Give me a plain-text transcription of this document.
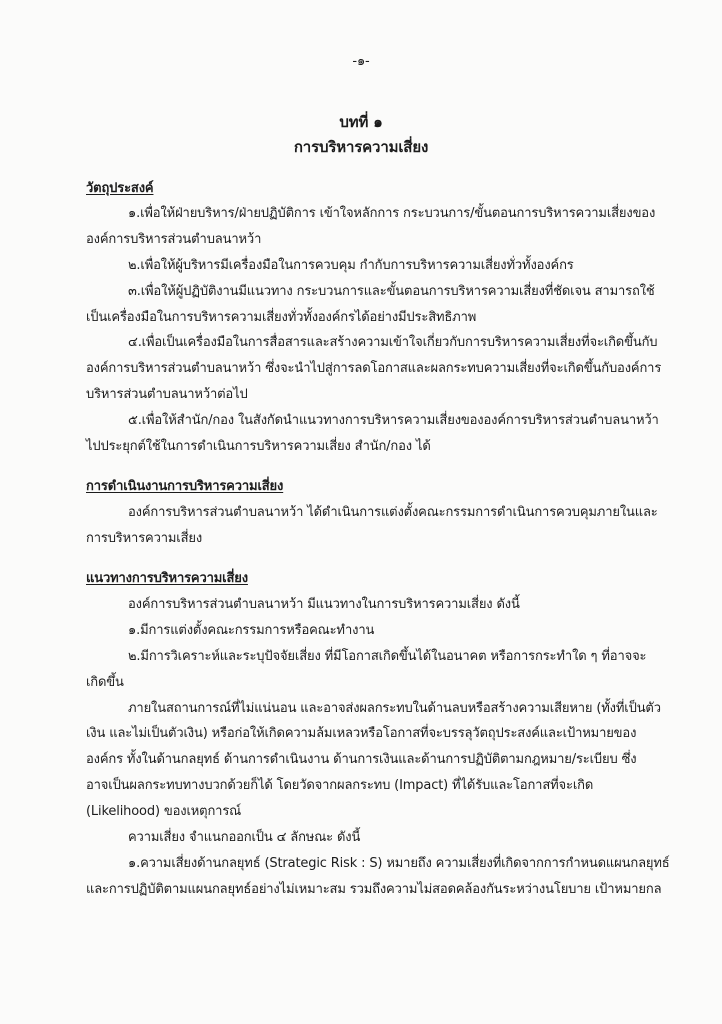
-๑-
บทที่ ๑
การบริหารความเสี่ยง
วัตถุประสงค์
๑.เพื่อให้ฝ่ายบริหาร/ฝ่ายปฏิบัติการ เข้าใจหลักการ กระบวนการ/ขั้นตอนการบริหารความเสี่ยงของ
องค์การบริหารส่วนตำบลนาหว้า
๒.เพื่อให้ผู้บริหารมีเครื่องมือในการควบคุม กำกับการบริหารความเสี่ยงทั่วทั้งองค์กร
๓.เพื่อให้ผู้ปฏิบัติงานมีแนวทาง กระบวนการและขั้นตอนการบริหารความเสี่ยงที่ชัดเจน สามารถใช้
เป็นเครื่องมือในการบริหารความเสี่ยงทั่วทั้งองค์กรได้อย่างมีประสิทธิภาพ
๔.เพื่อเป็นเครื่องมือในการสื่อสารและสร้างความเข้าใจเกี่ยวกับการบริหารความเสี่ยงที่จะเกิดขึ้นกับ
องค์การบริหารส่วนตำบลนาหว้า ซึ่งจะนำไปสู่การลดโอกาสและผลกระทบความเสี่ยงที่จะเกิดขึ้นกับองค์การ
บริหารส่วนตำบลนาหว้าต่อไป
๕.เพื่อให้สำนัก/กอง ในสังกัดนำแนวทางการบริหารความเสี่ยงขององค์การบริหารส่วนตำบลนาหว้า
ไปประยุกต์ใช้ในการดำเนินการบริหารความเสี่ยง สำนัก/กอง ได้
การดำเนินงานการบริหารความเสี่ยง
องค์การบริหารส่วนตำบลนาหว้า ได้ดำเนินการแต่งตั้งคณะกรรมการดำเนินการควบคุมภายในและ
การบริหารความเสี่ยง
แนวทางการบริหารความเสี่ยง
องค์การบริหารส่วนตำบลนาหว้า มีแนวทางในการบริหารความเสี่ยง ดังนี้
๑.มีการแต่งตั้งคณะกรรมการหรือคณะทำงาน
๒.มีการวิเคราะห์และระบุปัจจัยเสี่ยง ที่มีโอกาสเกิดขึ้นได้ในอนาคต หรือการกระทำใด ๆ ที่อาจจะ
เกิดขึ้น
ภายในสถานการณ์ที่ไม่แน่นอน และอาจส่งผลกระทบในด้านลบหรือสร้างความเสียหาย (ทั้งที่เป็นตัว
เงิน และไม่เป็นตัวเงิน) หรือก่อให้เกิดความล้มเหลวหรือโอกาสที่จะบรรลุวัตถุประสงค์และเป้าหมายของ
องค์กร ทั้งในด้านกลยุทธ์ ด้านการดำเนินงาน ด้านการเงินและด้านการปฏิบัติตามกฎหมาย/ระเบียบ ซึ่ง
อาจเป็นผลกระทบทางบวกด้วยก็ได้ โดยวัดจากผลกระทบ (Impact) ที่ได้รับและโอกาสที่จะเกิด
(Likelihood) ของเหตุการณ์
ความเสี่ยง จำแนกออกเป็น ๔ ลักษณะ ดังนี้
๑.ความเสี่ยงด้านกลยุทธ์ (Strategic Risk : S) หมายถึง ความเสี่ยงที่เกิดจากการกำหนดแผนกลยุทธ์
และการปฏิบัติตามแผนกลยุทธ์อย่างไม่เหมาะสม รวมถึงความไม่สอดคล้องกันระหว่างนโยบาย เป้าหมายกล
